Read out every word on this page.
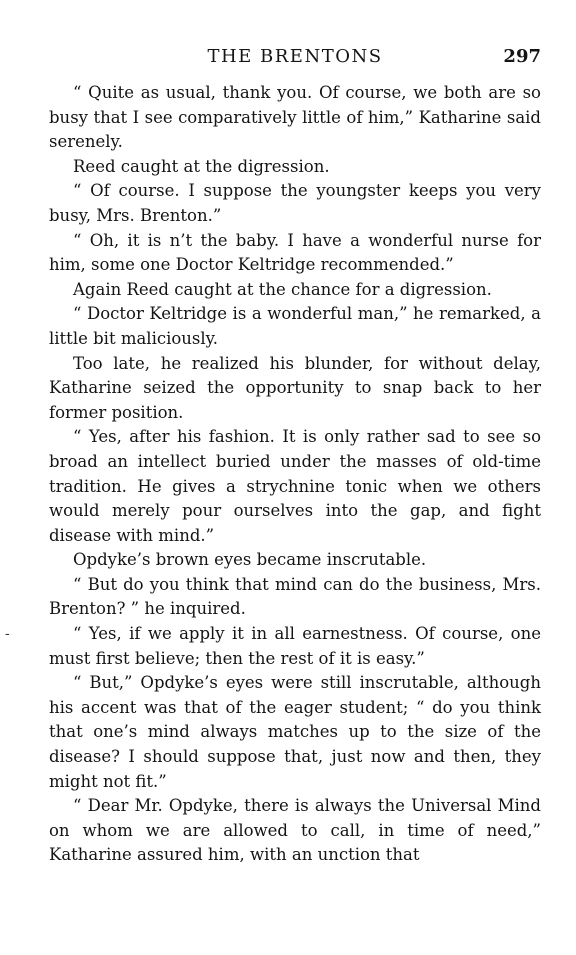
THE BRENTONS	297
-

“ Quite as usual, thank you. Of course, we both are so busy that I see comparatively little of him,” Katharine said serenely.

Reed caught at the digression.

“ Of course. I suppose the youngster keeps you very busy, Mrs. Brenton.”

“ Oh, it is n’t the baby. I have a wonderful nurse for him, some one Doctor Keltridge recommended.”

Again Reed caught at the chance for a digression.

“ Doctor Keltridge is a wonderful man,” he remarked, a little bit maliciously.

Too late, he realized his blunder, for without delay, Katharine seized the opportunity to snap back to her former position.

“ Yes, after his fashion. It is only rather sad to see so broad an intellect buried under the masses of old-time tradition. He gives a strychnine tonic when we others would merely pour ourselves into the gap, and fight disease with mind.”

Opdyke’s brown eyes became inscrutable.

“ But do you think that mind can do the business, Mrs. Brenton? ” he inquired.

“ Yes, if we apply it in all earnestness. Of course, one must first believe; then the rest of it is easy.”

“ But,” Opdyke’s eyes were still inscrutable, although his accent was that of the eager student; “ do you think that one’s mind always matches up to the size of the disease? I should suppose that, just now and then, they might not fit.”

“ Dear Mr. Opdyke, there is always the Universal Mind on whom we are allowed to call, in time of need,” Katharine assured him, with an unction that
